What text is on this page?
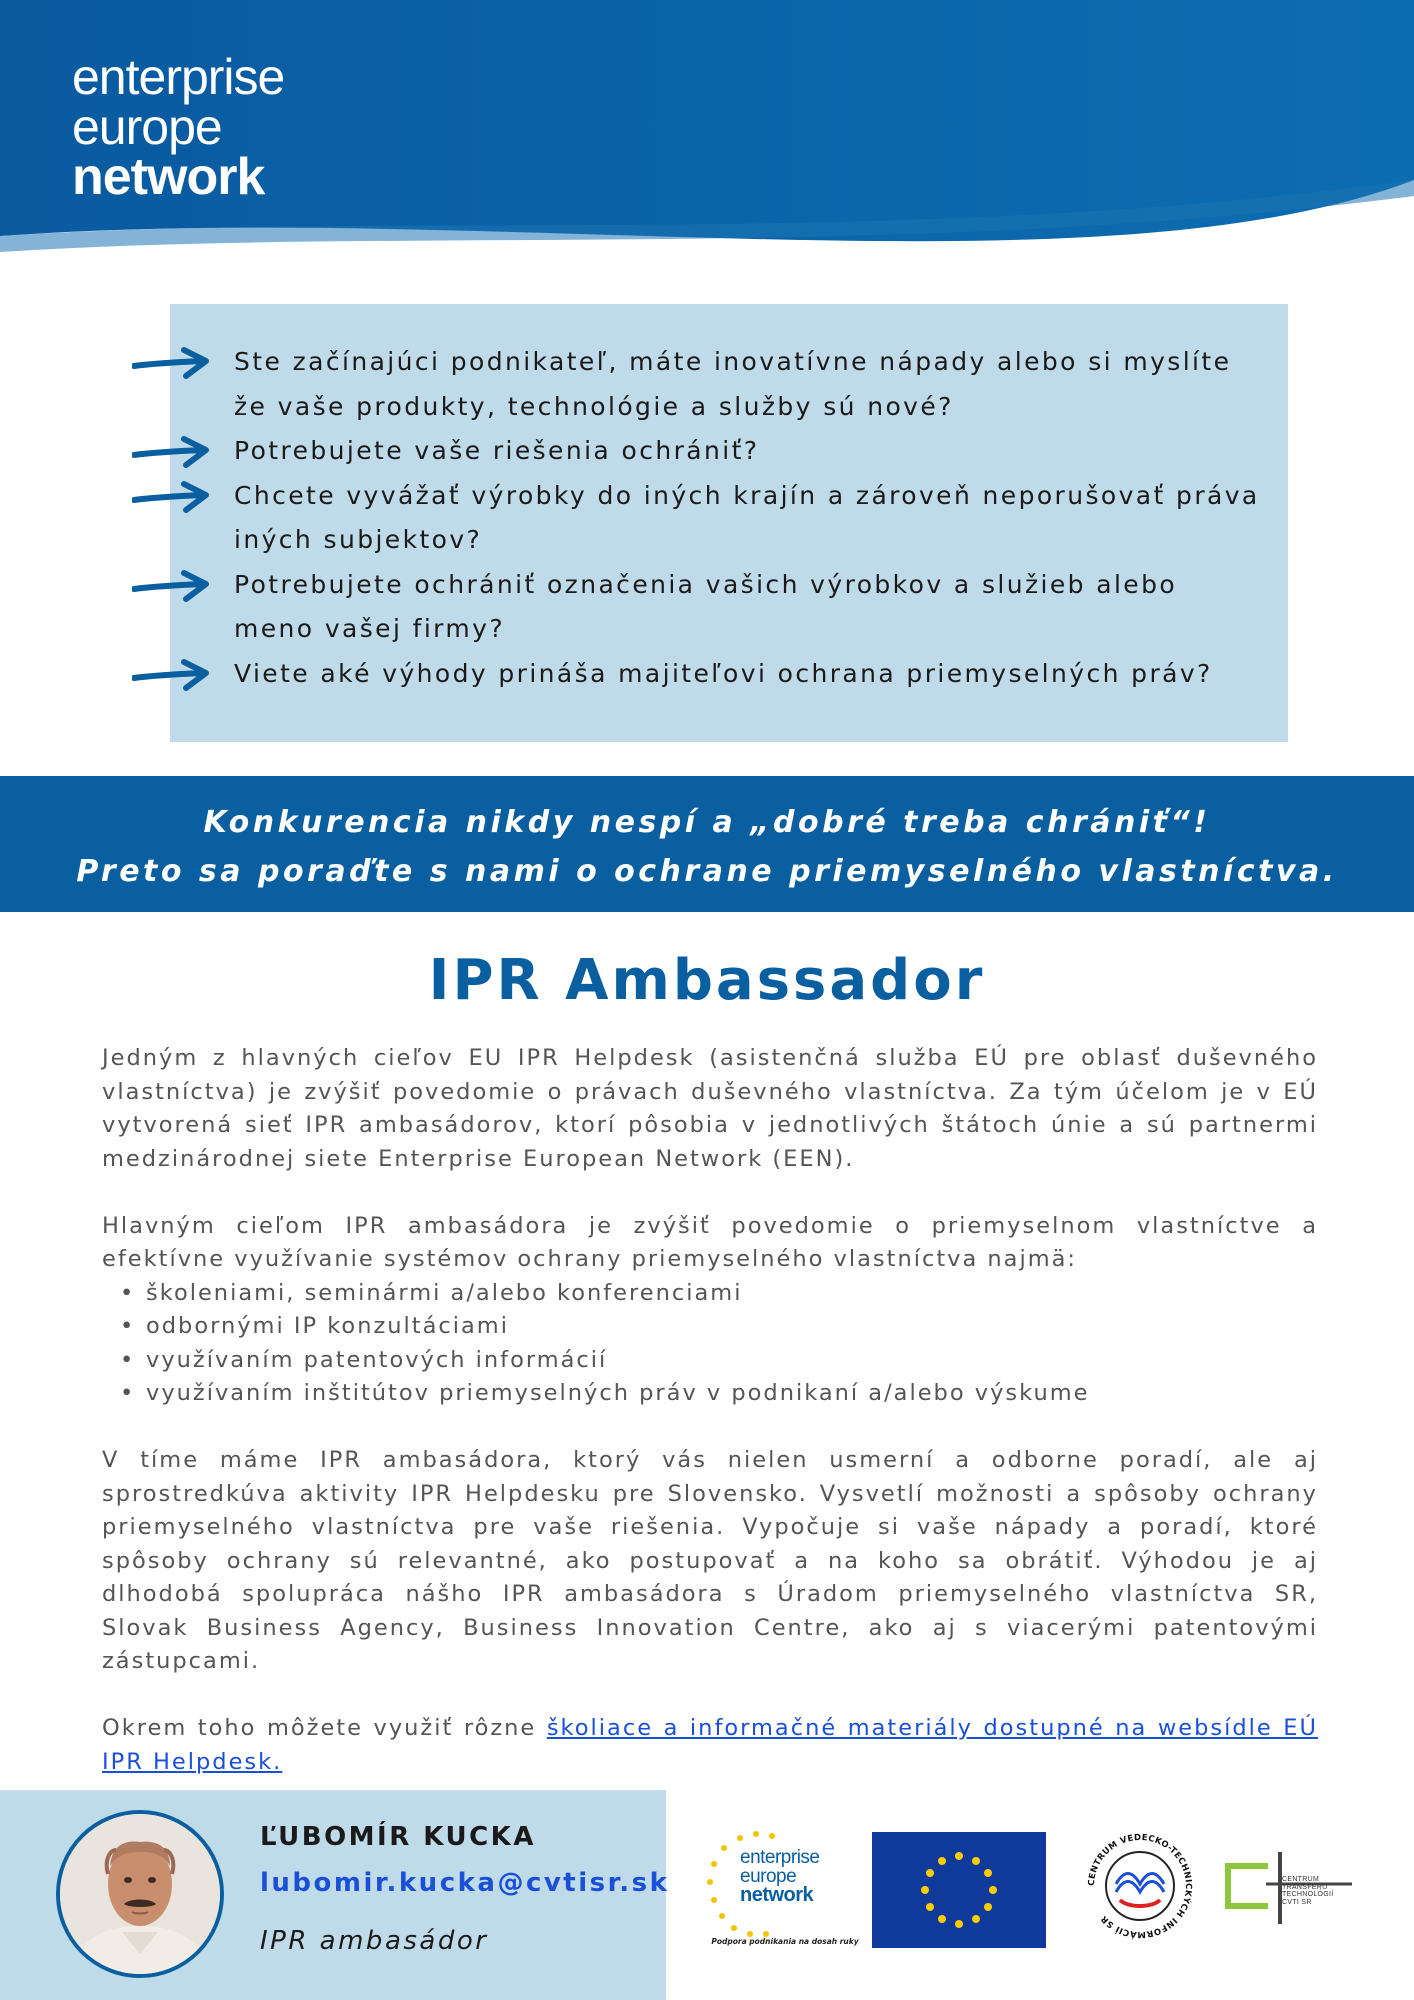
enterprise
europe
network
Ste začínajúci podnikateľ, máte inovatívne nápady alebo si myslíte že vaše produkty, technológie a služby sú nové?
Potrebujete vaše riešenia ochrániť?
Chcete vyvážať výrobky do iných krajín a zároveň neporušovať práva iných subjektov?
Potrebujete ochrániť označenia vašich výrobkov a služieb alebo meno vašej firmy?
Viete aké výhody prináša majiteľovi ochrana priemyselných práv?
Konkurencia nikdy nespí a „dobré treba chrániť“!
Preto sa poraďte s nami o ochrane priemyselného vlastníctva.
IPR Ambassador

Jedným z hlavných cieľov EU IPR Helpdesk (asistenčná služba EÚ pre oblasť duševného vlastníctva) je zvýšiť povedomie o právach duševného vlastníctva. Za tým účelom je v EÚ vytvorená sieť IPR ambasádorov, ktorí pôsobia v jednotlivých štátoch únie a sú partnermi medzinárodnej siete Enterprise European Network (EEN).

Hlavným cieľom IPR ambasádora je zvýšiť povedomie o priemyselnom vlastníctve a efektívne využívanie systémov ochrany priemyselného vlastníctva najmä:

• školeniami, seminármi a/alebo konferenciami
• odbornými IP konzultáciami
• využívaním patentových informácií
• využívaním inštitútov priemyselných práv v podnikaní a/alebo výskume

V tíme máme IPR ambasádora, ktorý vás nielen usmerní a odborne poradí, ale aj sprostredkúva aktivity IPR Helpdesku pre Slovensko. Vysvetlí možnosti a spôsoby ochrany priemyselného vlastníctva pre vaše riešenia. Vypočuje si vaše nápady a poradí, ktoré spôsoby ochrany sú relevantné, ako postupovať a na koho sa obrátiť. Výhodou je aj dlhodobá spolupráca nášho IPR ambasádora s Úradom priemyselného vlastníctva SR, Slovak Business Agency, Business Innovation Centre, ako aj s viacerými patentovými zástupcami.

Okrem toho môžete využiť rôzne školiace a informačné materiály dostupné na websídle EÚ IPR Helpdesk.

ĽUBOMÍR KUCKA
lubomir.kucka@cvtisr.sk
IPR ambasádor
enterprise
europe
network
Podpora podnikania na dosah ruky
CENTRUM VEDECKO-TECHNICKÝCH INFORMÁCIÍ SR
CENTRUM
TRANSFERU
TECHNOLÓGIÍ
CVTI SR
